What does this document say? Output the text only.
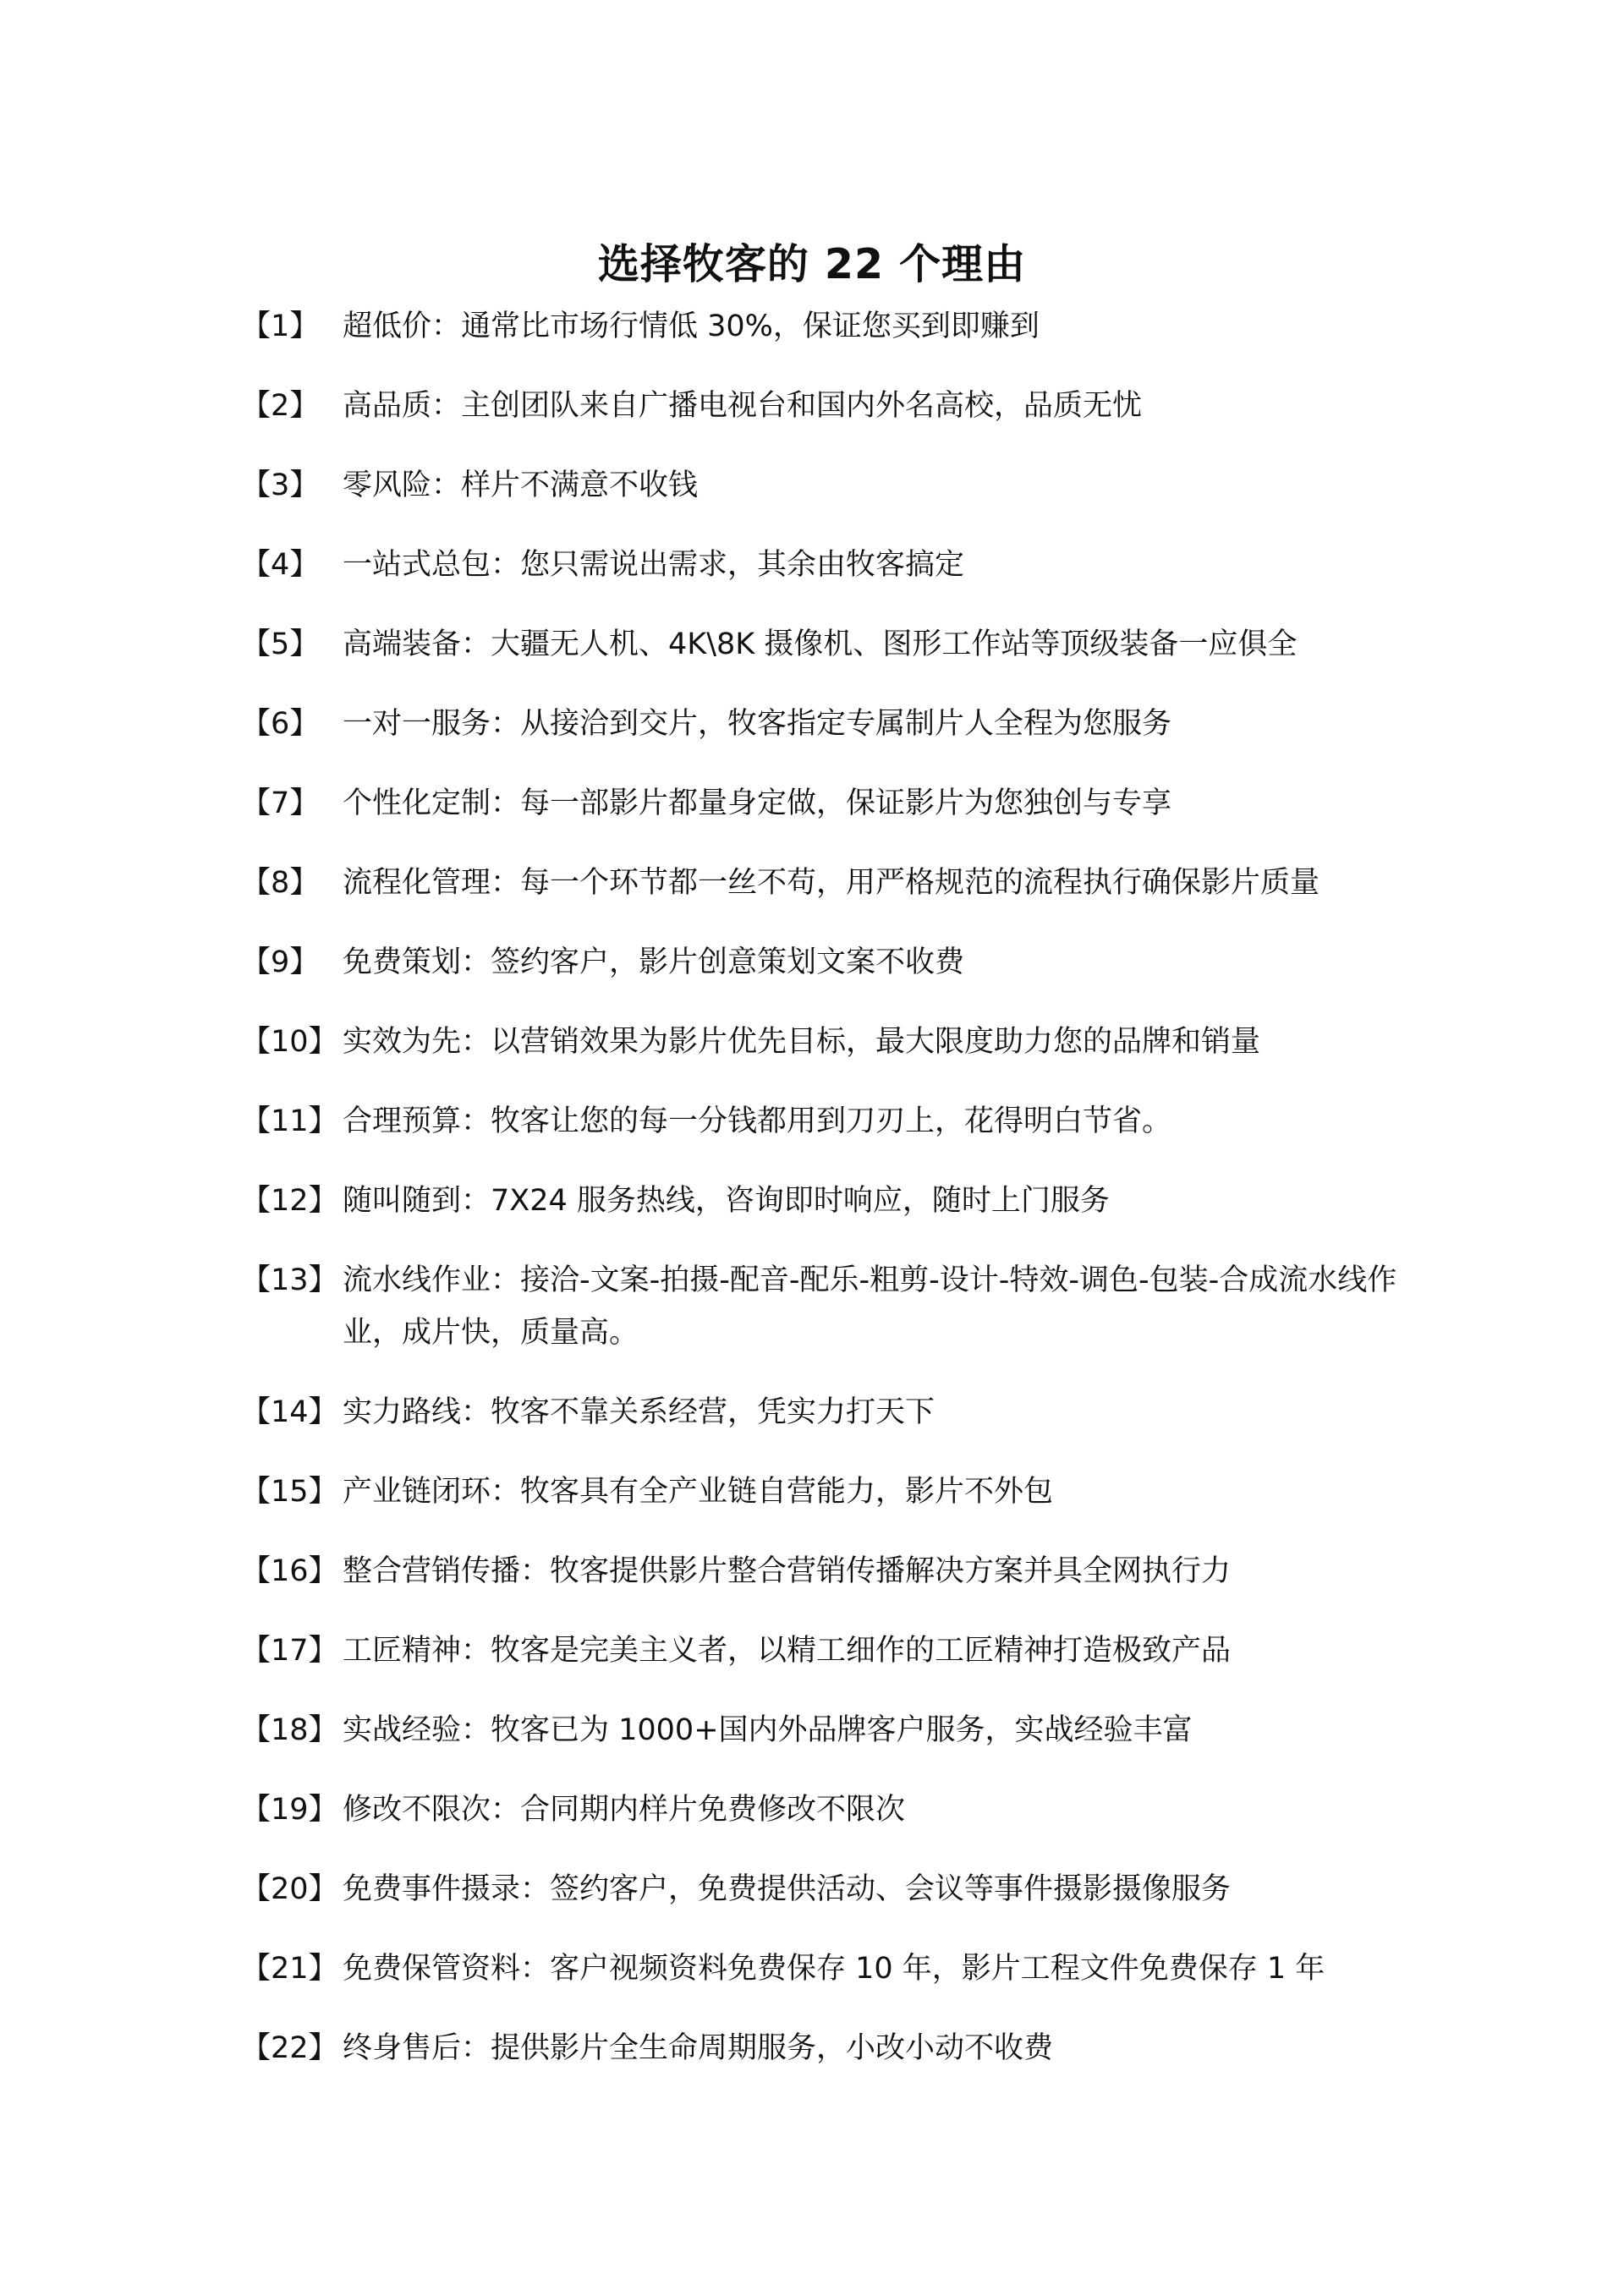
选择牧客的 22 个理由
【1】 超低价：通常比市场行情低 30%，保证您买到即赚到
【2】 高品质：主创团队来自广播电视台和国内外名高校，品质无忧
【3】 零风险：样片不满意不收钱
【4】 一站式总包：您只需说出需求，其余由牧客搞定
【5】 高端装备：大疆无人机、4K\8K 摄像机、图形工作站等顶级装备一应俱全
【6】 一对一服务：从接洽到交片，牧客指定专属制片人全程为您服务
【7】 个性化定制：每一部影片都量身定做，保证影片为您独创与专享
【8】 流程化管理：每一个环节都一丝不苟，用严格规范的流程执行确保影片质量
【9】 免费策划：签约客户，影片创意策划文案不收费
【10】 实效为先：以营销效果为影片优先目标，最大限度助力您的品牌和销量
【11】 合理预算：牧客让您的每一分钱都用到刀刃上，花得明白节省。
【12】 随叫随到：7X24 服务热线，咨询即时响应，随时上门服务
【13】 流水线作业：接洽-文案-拍摄-配音-配乐-粗剪-设计-特效-调色-包装-合成流水线作业，成片快，质量高。
【14】 实力路线：牧客不靠关系经营，凭实力打天下
【15】 产业链闭环：牧客具有全产业链自营能力，影片不外包
【16】 整合营销传播：牧客提供影片整合营销传播解决方案并具全网执行力
【17】 工匠精神：牧客是完美主义者，以精工细作的工匠精神打造极致产品
【18】 实战经验：牧客已为 1000+国内外品牌客户服务，实战经验丰富
【19】 修改不限次：合同期内样片免费修改不限次
【20】 免费事件摄录：签约客户，免费提供活动、会议等事件摄影摄像服务
【21】 免费保管资料：客户视频资料免费保存 10 年，影片工程文件免费保存 1 年
【22】 终身售后：提供影片全生命周期服务，小改小动不收费
